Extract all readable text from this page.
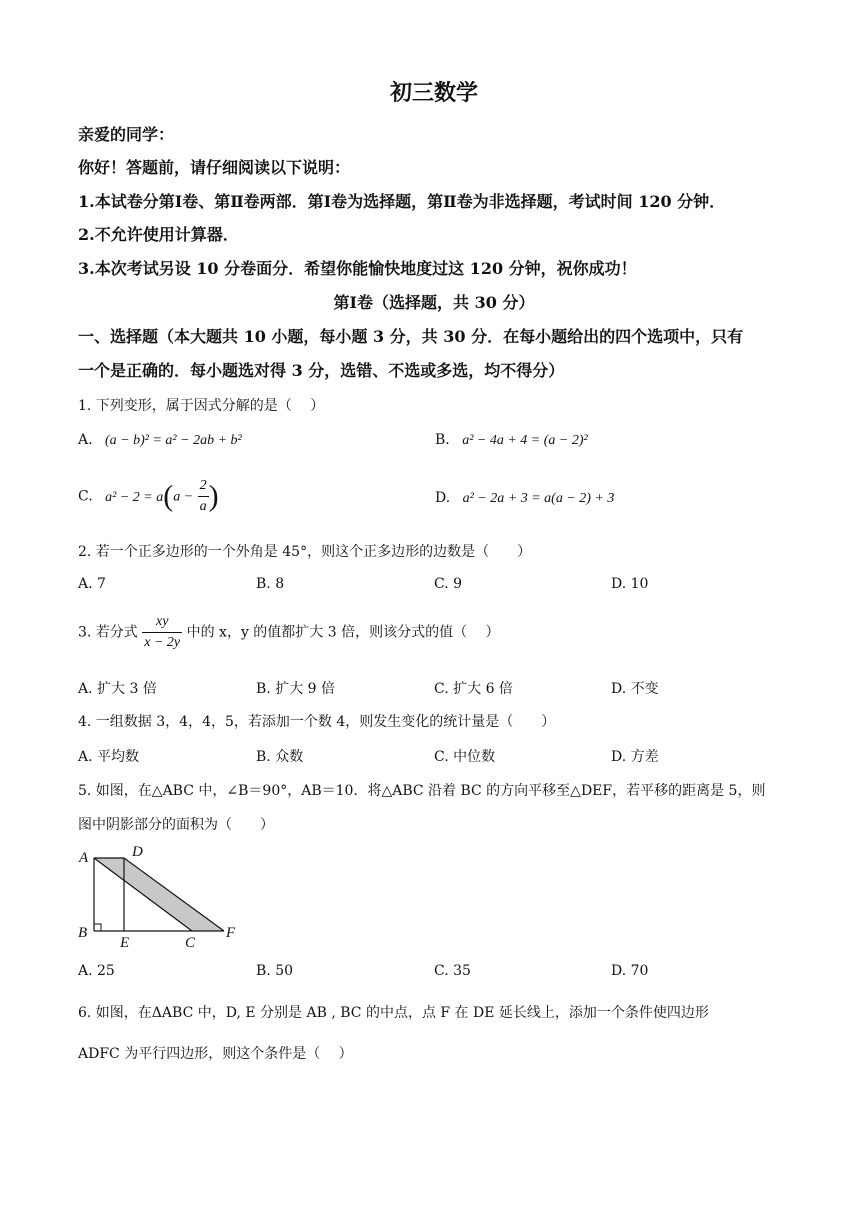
初三数学
亲爱的同学：
你好！答题前，请仔细阅读以下说明：
1.本试卷分第Ⅰ卷、第Ⅱ卷两部．第Ⅰ卷为选择题，第Ⅱ卷为非选择题，考试时间 120 分钟．
2.不允许使用计算器．
3.本次考试另设 10 分卷面分．希望你能愉快地度过这 120 分钟，祝你成功！
第Ⅰ卷（选择题，共 30 分）
一、选择题（本大题共 10 小题，每小题 3 分，共 30 分．在每小题给出的四个选项中，只有
一个是正确的．每小题选对得 3 分，选错、不选或多选，均不得分）
1. 下列变形，属于因式分解的是（　 ）
A. (a − b)² = a² − 2ab + b²	B. a² − 4a + 4 = (a − 2)²
C. $a^2 - 2 = a(a - \frac{2}{a}$ )	D. a² − 2a + 3 = a(a − 2) + 3
2. 若一个正多边形的一个外角是 45°，则这个正多边形的边数是（　　）
A. 7	B. 8	C. 9	D. 10
3. 若分式 $\frac{xy}{x - 2y}$ 中的 x，y 的值都扩大 3 倍，则该分式的值（　 ）
A. 扩大 3 倍	B. 扩大 9 倍	C. 扩大 6 倍	D. 不变
4. 一组数据 3，4，4，5，若添加一个数 4，则发生变化的统计量是（　　）
A. 平均数	B. 众数	C. 中位数	D. 方差
5. 如图，在△ABC 中，∠B＝90°，AB＝10．将△ABC 沿着 BC 的方向平移至△DEF，若平移的距离是 5，则
图中阴影部分的面积为（　　）
A	D
B
E	C
F
A. 25	B. 50	C. 35	D. 70
6. 如图，在ΔABC 中，D, E 分别是 AB , BC 的中点，点 F 在 DE 延长线上，添加一个条件使四边形
ADFC 为平行四边形，则这个条件是（　 ）
